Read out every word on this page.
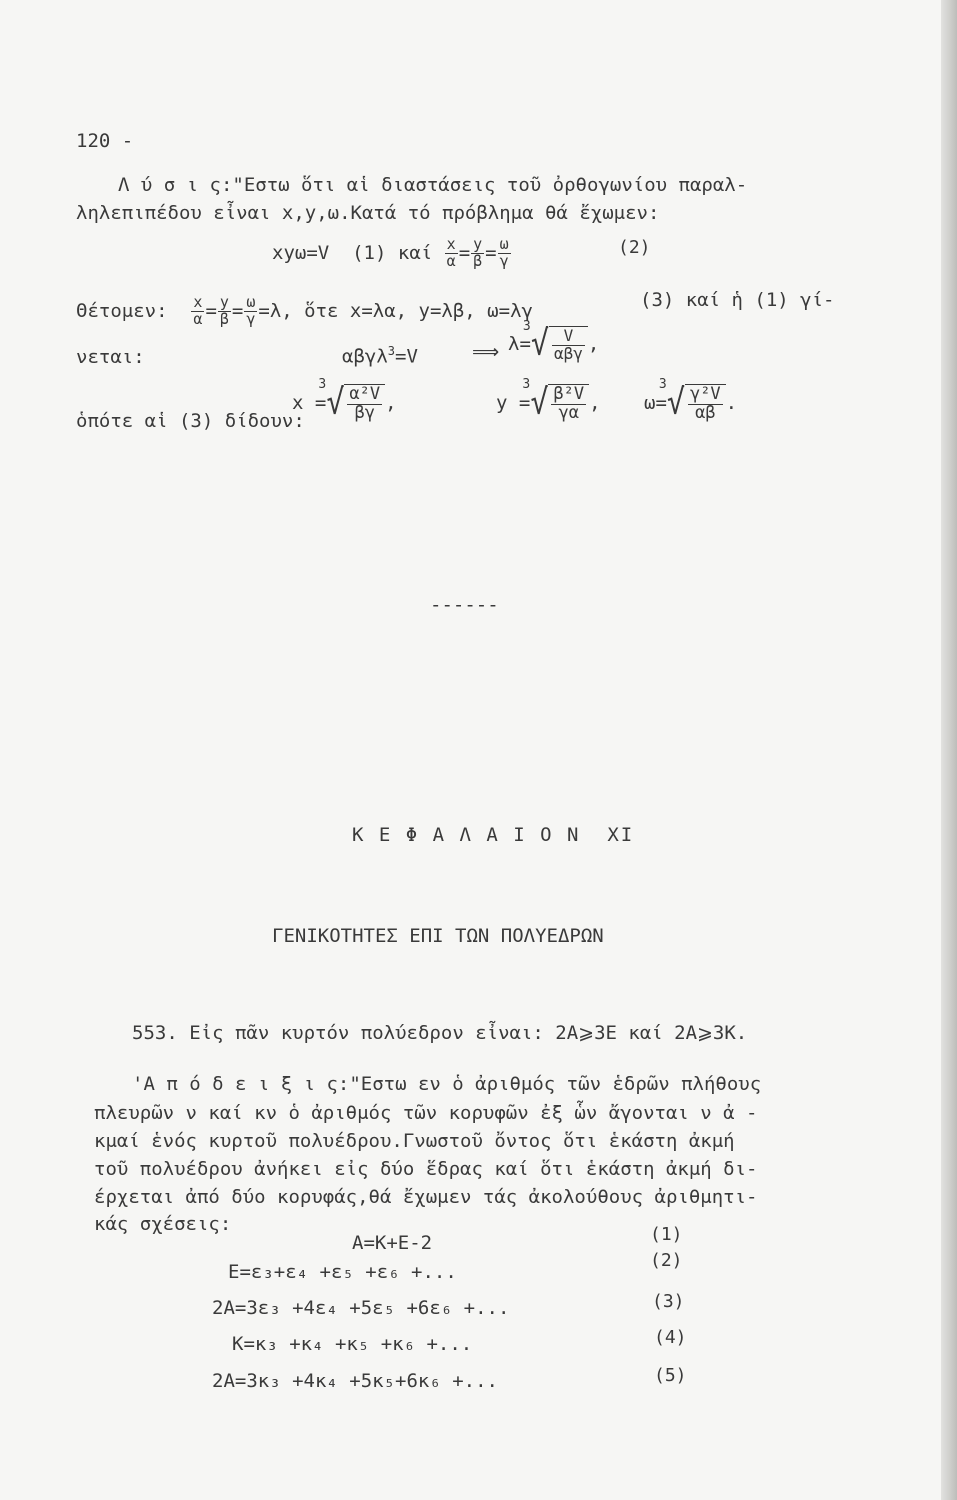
120 -
Λ ύ σ ι ς:"Εστω ὅτι αἱ διαστάσεις τοῦ ὀρθογωνίου παραλ-
ληλεπιπέδου εἶναι x,y,ω.Κατά τό πρόβλημα θά ἔχωμεν:
xyω=V (1) καί $\frac{x}{\alpha} = \frac{y}{\beta} = \frac{\omega}{\gamma}$	(2)
Θέτομεν: $\frac{x}{\alpha} = \frac{y}{\beta} = \frac{\omega}{\gamma} =\lambda$, ὅτε x=λα, y=λβ, ω=λγ	(3) καί ἡ (1) γί-
νεται:	αβγλ$^3$=V	⟹ λ=
3 √ $\frac{V}{\text{αβγ}}$ ,
ὁπότε αἱ (3) δίδουν:
x =
3 √ $\frac{\text{α²V}}{\beta\gamma}$ ,	y =
3 √ $\frac{\text{β²V}}{\gamma\alpha}$ , ω=
3 √ $\frac{\text{γ²V}}{\alpha\beta}$ .
------
Κ Ε Φ Α Λ Α Ι Ο Ν  XI
ΓΕΝΙΚΟΤΗΤΕΣ ΕΠΙ ΤΩΝ ΠΟΛΥΕΔΡΩΝ
553. Εἰς πᾶν κυρτόν πολύεδρον εἶναι: 2Α⩾3Ε καί 2Α⩾3Κ.
'Α π ό δ ε ι ξ ι ς:"Εστω εν ὁ ἀριθμός τῶν ἑδρῶν πλήθους
πλευρῶν ν καί κν ὁ ἀριθμός τῶν κορυφῶν ἐξ ὧν ἄγονται ν ἀ -
κμαί ἑνός κυρτοῦ πολυέδρου.Γνωστοῦ ὄντος ὅτι ἑκάστη ἀκμή
τοῦ πολυέδρου ἀνήκει εἰς δύο ἕδρας καί ὅτι ἑκάστη ἀκμή δι-
έρχεται ἀπό δύο κορυφάς,θά ἔχωμεν τάς ἀκολούθους ἀριθμητι-
κάς σχέσεις:
Α=Κ+Ε-2	(1)
Ε=ε₃+ε₄ +ε₅ +ε₆ +...
(2)
2Α=3ε₃ +4ε₄ +5ε₅ +6ε₆ +...	(3)
Κ=κ₃ +κ₄ +κ₅ +κ₆ +...	(4)
2Α=3κ₃ +4κ₄ +5κ₅+6κ₆ +...	(5)
